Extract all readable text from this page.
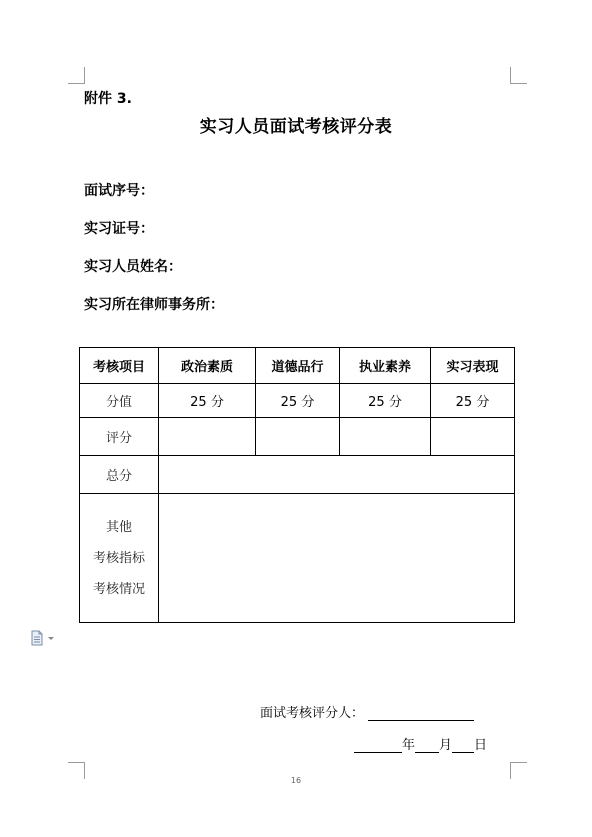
附件 3.
实习人员面试考核评分表
面试序号：
实习证号：
实习人员姓名：
实习所在律师事务所：
考核项目	政治素质	道德品行	执业素养	实习表现
分值	25 分	25 分	25 分	25 分
评分				
总分				

其他
考核指标
考核情况				

面试考核评分人：
年 月 日
16
